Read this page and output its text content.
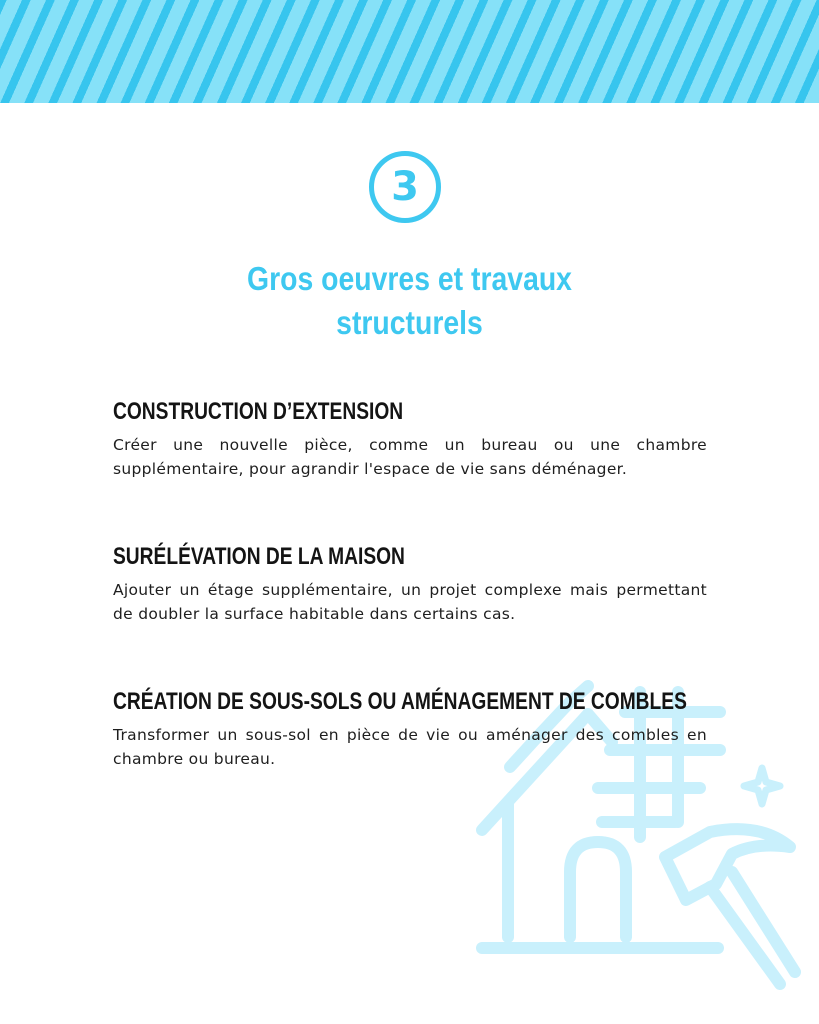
3
Gros oeuvres et travaux
structurels
CONSTRUCTION D’EXTENSION
Créer une nouvelle pièce, comme un bureau ou une chambre supplémentaire, pour agrandir l'espace de vie sans déménager.
SURÉLÉVATION DE LA MAISON
Ajouter un étage supplémentaire, un projet complexe mais permettant de doubler la surface habitable dans certains cas.
CRÉATION DE SOUS-SOLS OU AMÉNAGEMENT DE COMBLES
Transformer un sous-sol en pièce de vie ou aménager des combles en chambre ou bureau.
